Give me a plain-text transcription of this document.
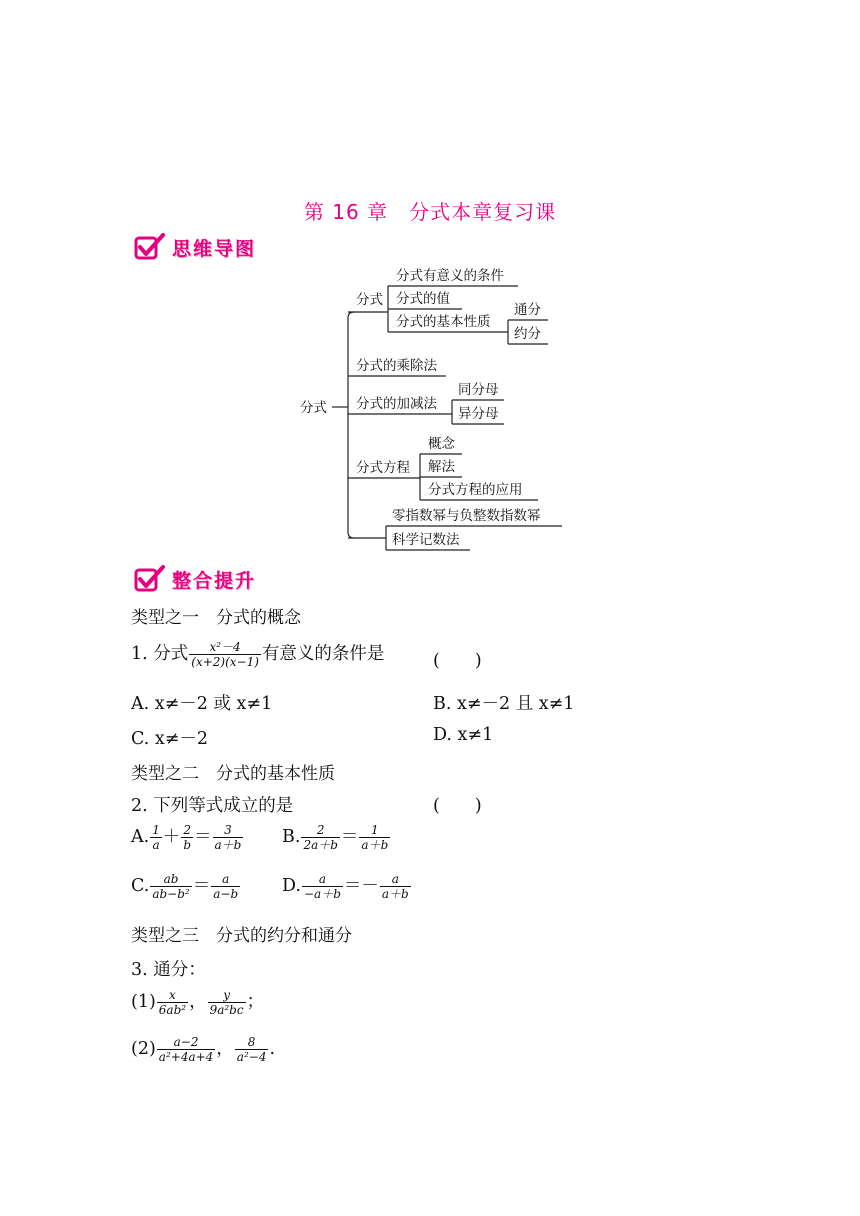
第 16 章　分式本章复习课
思维导图
分式
分式
分式有意义的条件
分式的值
分式的基本性质
通分
约分
分式的乘除法
分式的加减法
同分母
异分母
分式方程
概念
解法
分式方程的应用
零指数幂与负整数指数幂
科学记数法
整合提升
类型之一　分式的概念
1. 分式 $\frac{\text{x²－4}}{(x+2)(x-1)}$ 有意义的条件是	(　　)
A. x≠－2 或 x≠1	B. x≠－2 且 x≠1
C. x≠－2	D. x≠1
类型之二　分式的基本性质
2. 下列等式成立的是	(　　)
A. $\frac{1}{a} + \frac{2}{b} = \frac{3}{a+b} B$. $\frac{2}{2a+b} = \frac{1}{a+b}$
C. $\frac{ab}{\text{ab−b²}} = \frac{a}{a-b} D$. $\frac{a}{-a+b} =- \frac{a}{a+b}$
类型之三　分式的约分和通分
3. 通分：
$(1) \frac{x}{\text{6ab²}}$ ， $\frac{y}{\text{9a²bc}}$ ；
$(2) \frac{a-2}{\text{a²+4a+4}}$ ， $\frac{8}{\text{a²−4}}$ .
